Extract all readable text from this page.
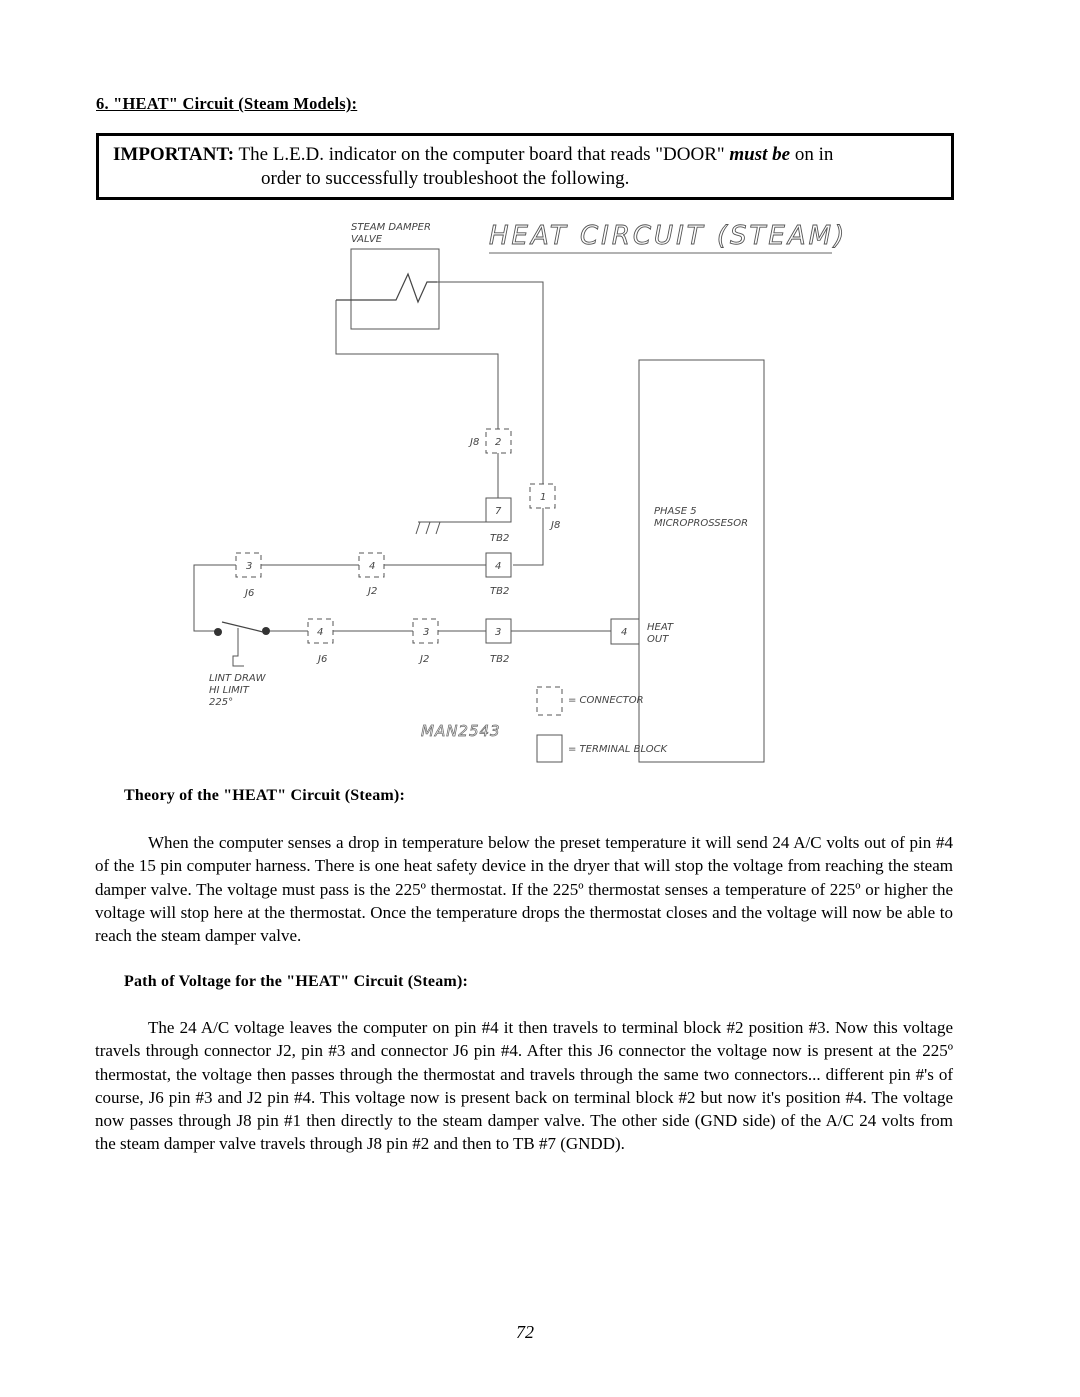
6. "HEAT" Circuit (Steam Models):
IMPORTANT: The L.E.D. indicator on the computer board that reads "DOOR" must be on in
order to successfully troubleshoot the following.
HEAT CIRCUIT (STEAM)
STEAM DAMPER
VALVE
2
J8
1
J8
7
TB2
3
J6
4
J2
4
TB2
4
J6
3
J2
3
TB2
PHASE 5
MICROPROSSESOR
4 HEAT
OUT
LINT DRAW
HI LIMIT
225°
MAN2543
= CONNECTOR
= TERMINAL BLOCK
Theory of the "HEAT" Circuit (Steam):
When the computer senses a drop in temperature below the preset temperature it will send 24 A/C volts out of pin #4 of the 15 pin computer harness. There is one heat safety device in the dryer that will stop the voltage from reaching the steam damper valve. The voltage must pass is the 225º thermostat. If the 225º thermostat senses a temperature of 225º or higher the voltage will stop here at the thermostat. Once the temperature drops the thermostat closes and the voltage will now be able to reach the steam damper valve.
Path of Voltage for the "HEAT" Circuit (Steam):
The 24 A/C voltage leaves the computer on pin #4 it then travels to terminal block #2 position #3. Now this voltage travels through connector J2, pin #3 and connector J6 pin #4. After this J6 connector the voltage now is present at the 225º thermostat, the voltage then passes through the thermostat and travels through the same two connectors... different pin #'s of course, J6 pin #3 and J2 pin #4. This voltage now is present back on terminal block #2 but now it's position #4. The voltage now passes through J8 pin #1 then directly to the steam damper valve. The other side (GND side) of the A/C 24 volts from the steam damper valve travels through J8 pin #2 and then to TB #7 (GNDD).
72
